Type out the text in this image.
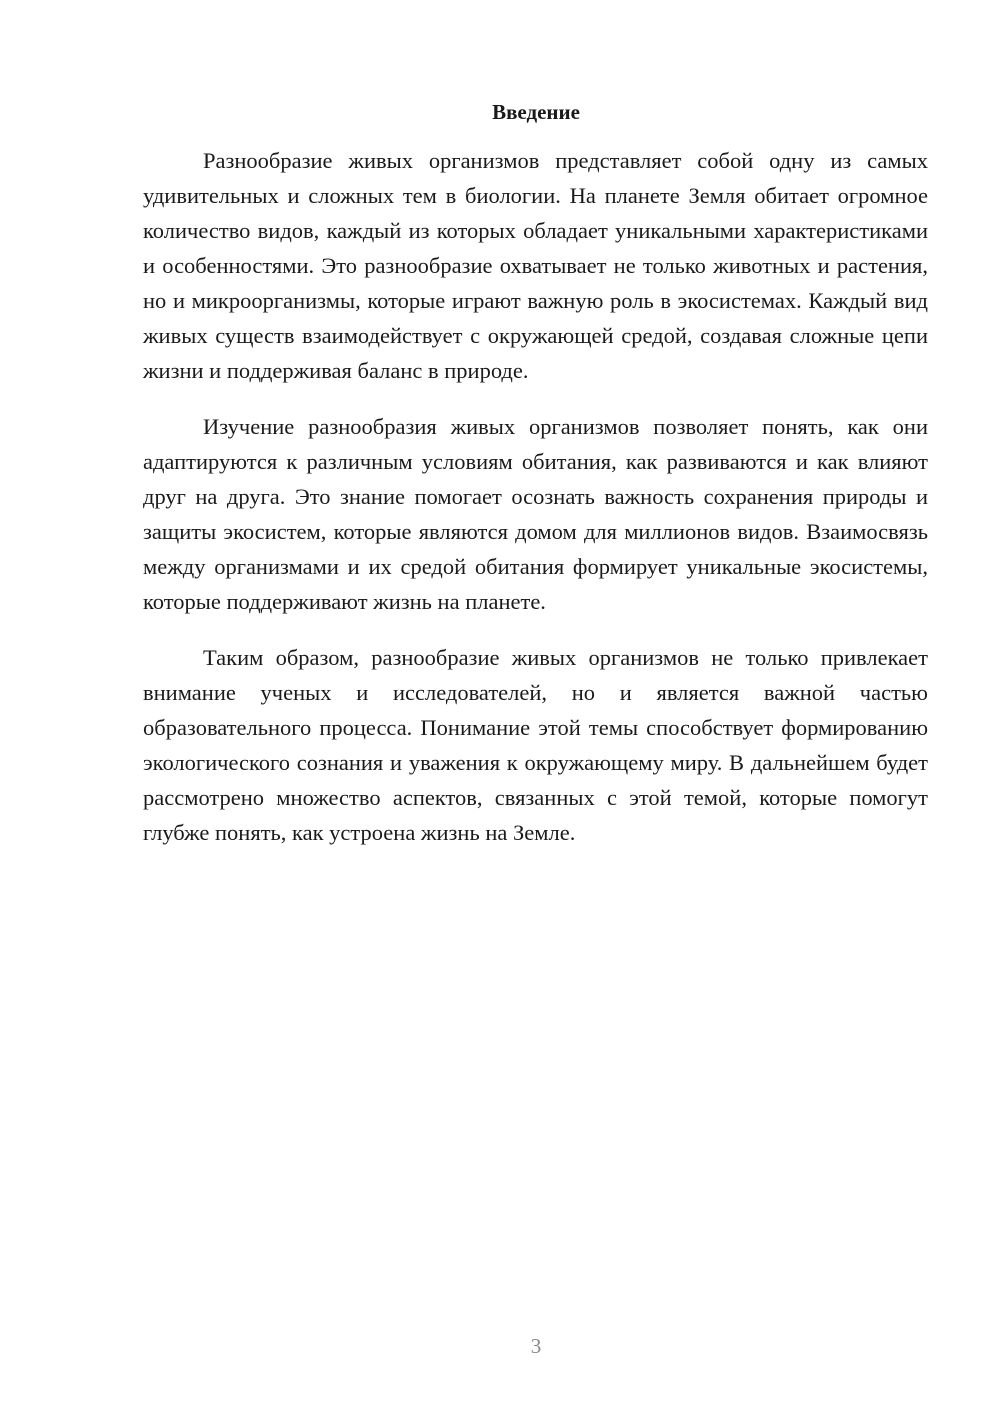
Введение

Разнообразие живых организмов представляет собой одну из самых удивительных и сложных тем в биологии. На планете Земля обитает огромное количество видов, каждый из которых обладает уникальными характеристиками и особенностями. Это разнообразие охватывает не только животных и растения, но и микроорганизмы, которые играют важную роль в экосистемах. Каждый вид живых существ взаимодействует с окружающей средой, создавая сложные цепи жизни и поддерживая баланс в природе.

Изучение разнообразия живых организмов позволяет понять, как они адаптируются к различным условиям обитания, как развиваются и как влияют друг на друга. Это знание помогает осознать важность сохранения природы и защиты экосистем, которые являются домом для миллионов видов. Взаимосвязь между организмами и их средой обитания формирует уникальные экосистемы, которые поддерживают жизнь на планете.

Таким образом, разнообразие живых организмов не только привлекает внимание ученых и исследователей, но и является важной частью образовательного процесса. Понимание этой темы способствует формированию экологического сознания и уважения к окружающему миру. В дальнейшем будет рассмотрено множество аспектов, связанных с этой темой, которые помогут глубже понять, как устроена жизнь на Земле.

3
